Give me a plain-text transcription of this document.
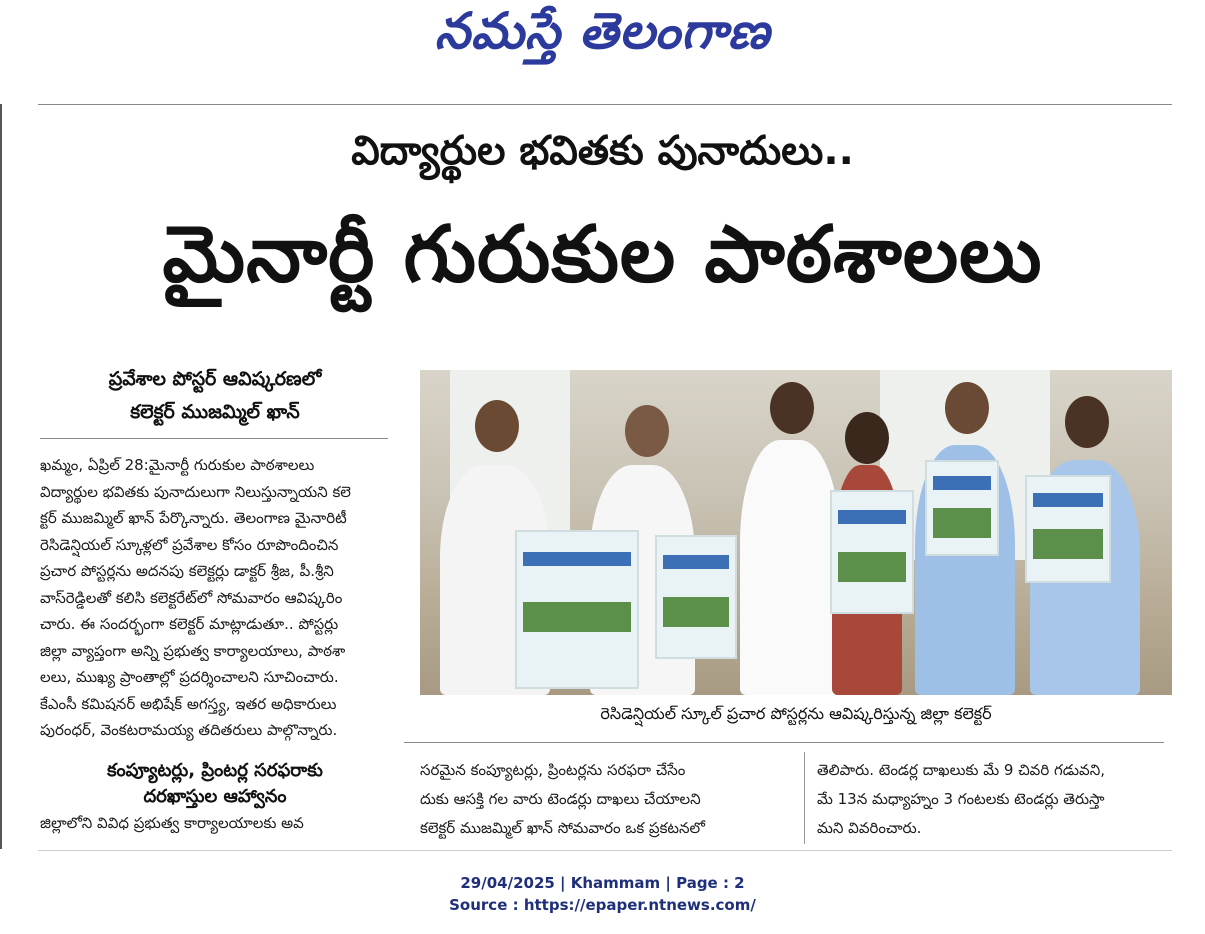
నమస్తే తెలంగాణ
విద్యార్థుల భవితకు పునాదులు..
మైనార్టీ గురుకుల పాఠశాలలు
ప్రవేశాల పోస్టర్ ఆవిష్కరణలో
కలెక్టర్ ముజమ్మిల్ ఖాన్

ఖమ్మం, ఏప్రిల్ 28:మైనార్టీ గురుకుల పాఠశాలలు

విద్యార్థుల భవితకు పునాదులుగా నిలుస్తున్నాయని కలె

క్టర్ ముజమ్మిల్ ఖాన్ పేర్కొన్నారు. తెలంగాణ మైనారిటీ

రెసిడెన్షియల్ స్కూళ్లలో ప్రవేశాల కోసం రూపొందించిన

ప్రచార పోస్టర్లను అదనపు కలెక్టర్లు డాక్టర్ శ్రీజ, పీ.శ్రీని

వాస్‌రెడ్డిలతో కలిసి కలెక్టరేట్‌లో సోమవారం ఆవిష్కరిం

చారు. ఈ సందర్భంగా కలెక్టర్ మాట్లాడుతూ.. పోస్టర్లు

జిల్లా వ్యాప్తంగా అన్ని ప్రభుత్వ కార్యాలయాలు, పాఠశా

లలు, ముఖ్య ప్రాంతాల్లో ప్రదర్శించాలని సూచించారు.

కేఎంసీ కమిషనర్ అభిషేక్ అగస్త్య, ఇతర అధికారులు

పురంధర్, వెంకటరామయ్య తదితరులు పాల్గొన్నారు.

కంప్యూటర్లు, ప్రింటర్ల సరఫరాకు
దరఖాస్తుల ఆహ్వానం
జిల్లాలోని వివిధ ప్రభుత్వ కార్యాలయాలకు అవ
రెసిడెన్షియల్ స్కూల్ ప్రచార పోస్టర్లను ఆవిష్కరిస్తున్న జిల్లా కలెక్టర్
సరమైన కంప్యూటర్లు, ప్రింటర్లను సరఫరా చేసేం
దుకు ఆసక్తి గల వారు టెండర్లు దాఖలు చేయాలని
కలెక్టర్ ముజమ్మిల్ ఖాన్ సోమవారం ఒక ప్రకటనలో
తెలిపారు. టెండర్ల దాఖలుకు మే 9 చివరి గడువని,
మే 13న మధ్యాహ్నం 3 గంటలకు టెండర్లు తెరుస్తా
మని వివరించారు.
29/04/2025 | Khammam | Page : 2
Source : https://epaper.ntnews.com/
